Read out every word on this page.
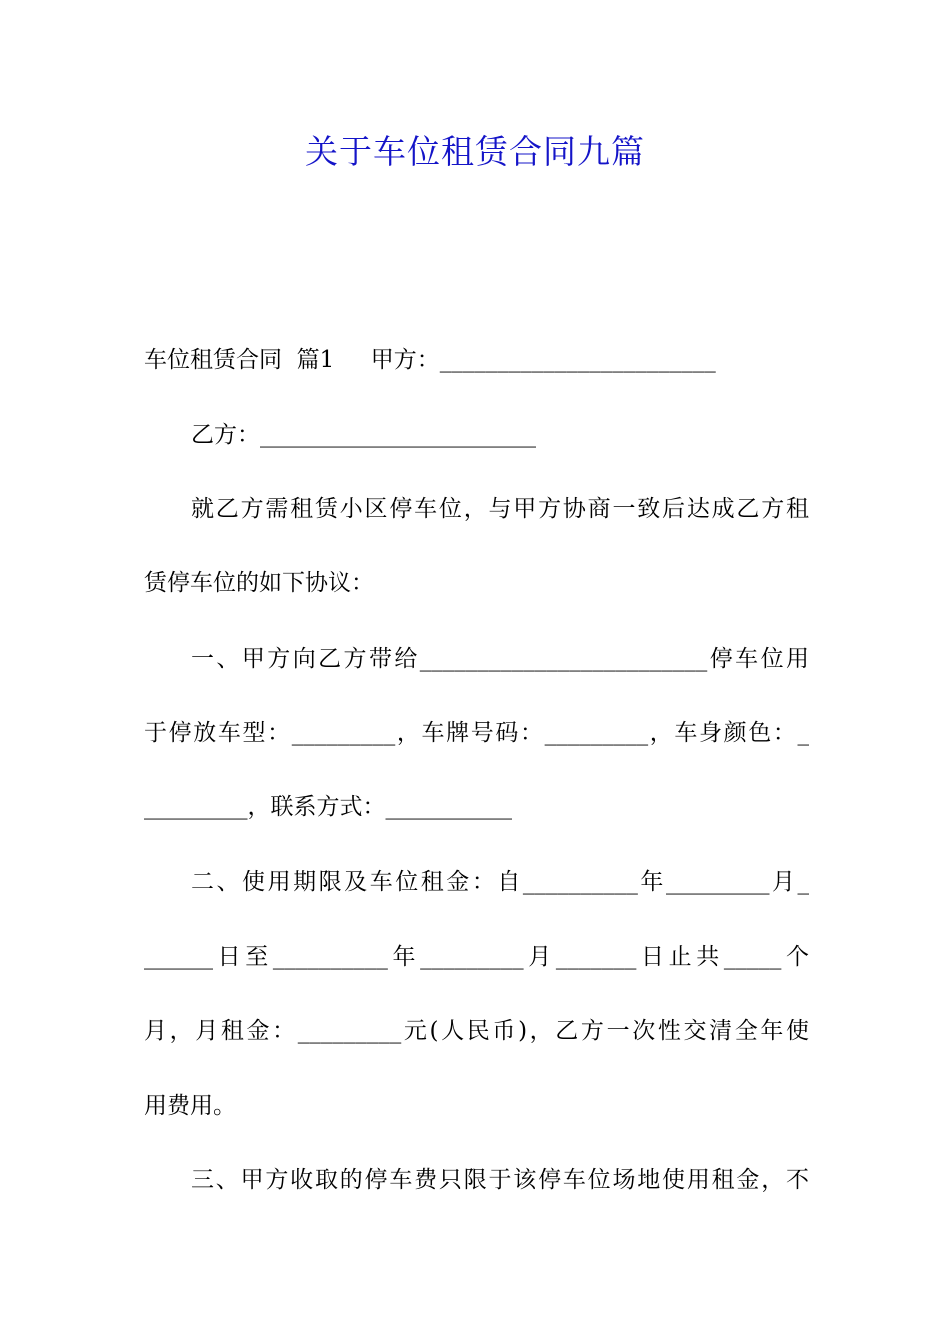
关于车位租赁合同九篇
车位租赁合同  篇1     甲方：________________________
乙方：________________________
就乙方需租赁小区停车位，与甲方协商一致后达成乙方租
赁停车位的如下协议：
一、甲方向乙方带给_________________________停车位用
于停放车型：_________，车牌号码：_________，车身颜色：_
_________，联系方式：___________
二、使用期限及车位租金：自__________年_________月_
______日至__________年_________月_______日止共_____个
月，月租金：_________元(人民币)，乙方一次性交清全年使
用费用。
三、甲方收取的停车费只限于该停车位场地使用租金，不
